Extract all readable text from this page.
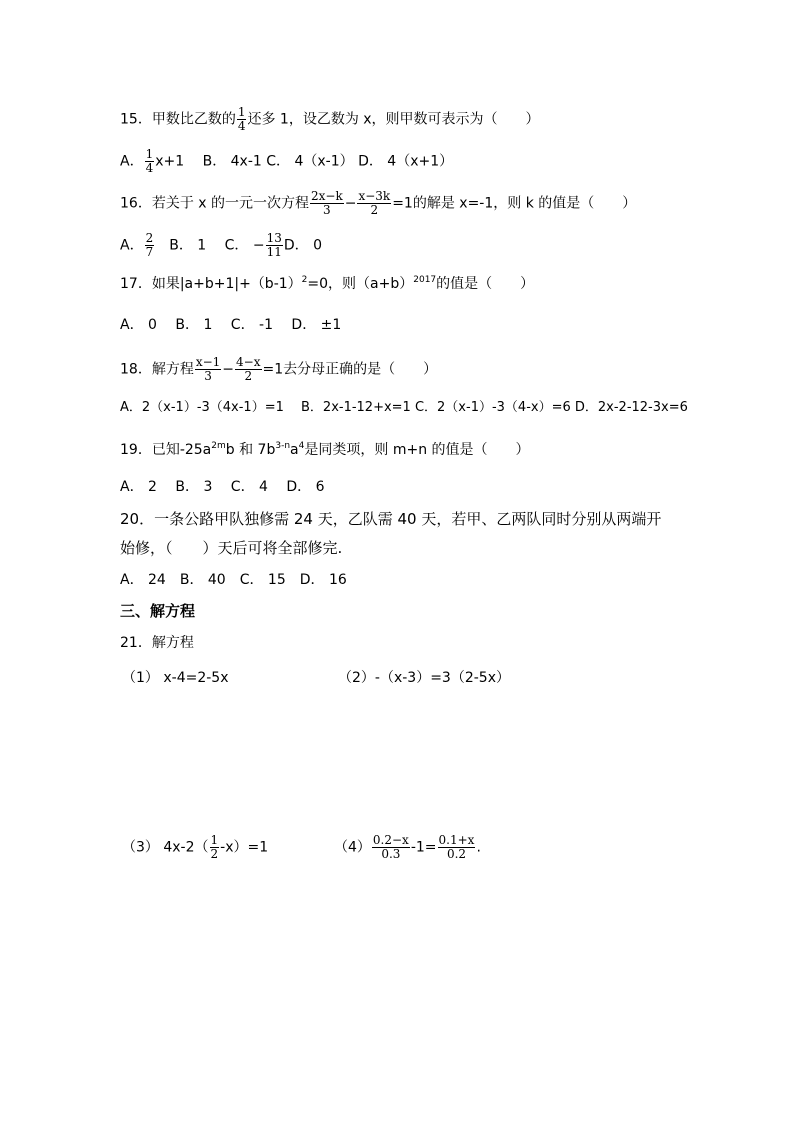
15．甲数比乙数的 $\frac{1}{4}$ 还多 1，设乙数为 x，则甲数可表示为（　　）
A． $\frac{1}{4} x+1$　 B． 4x-1 C． 4（x-1） D． 4（x+1）
16．若关于 x 的一元一次方程 $\frac{2x-k}{3} - \frac{x-3k}{2} =1$的解是 x=-1，则 k 的值是（　　）
A． $\frac{2}{7}$ 　B． 1　 C． − $\frac{13}{11}$ D． 0
17．如果$|a+b+1|+(b-1)^2=0$，则$(a+b)^{2017}$的值是（　　）
A． 0　 B． 1　 C． -1　 D． ±1
18．解方程 $\frac{x-1}{3} - \frac{4-x}{2} =1$去分母正确的是（　　）
A．2（x-1）-3（4x-1）=1　 B．2x-1-12+x=1 C．2（x-1）-3（4-x）=6 D．2x-2-12-3x=6
19．已知$-25a^{2m}b$ 和 $7b^{3-n}a^4$是同类项，则 m+n 的值是（　　）
A． 2　 B． 3　 C． 4　 D． 6
20．一条公路甲队独修需 24 天，乙队需 40 天，若甲、乙两队同时分别从两端开
始修，（　　）天后可将全部修完.
A． 24　B． 40　C． 15　D． 16
三、解方程
21．解方程
（1） x-4=2-5x	（2）-（x-3）=3（2-5x）
（3） $4x-2( \frac{1}{2} -x)=1$	$(4) \frac{0.2-x}{0.3} -1= \frac{0.1+x}{0.2}$ .
